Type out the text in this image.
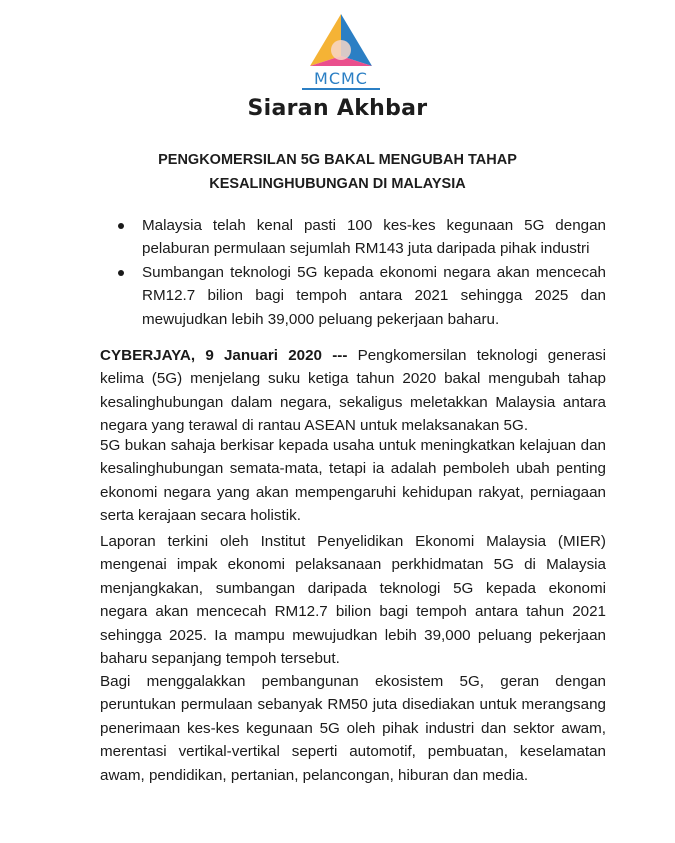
MCMC
Siaran Akhbar
PENGKOMERSILAN 5G BAKAL MENGUBAH TAHAP
KESALINGHUBUNGAN DI MALAYSIA
Malaysia telah kenal pasti 100 kes-kes kegunaan 5G dengan pelaburan permulaan sejumlah RM143 juta daripada pihak industri
Sumbangan teknologi 5G kepada ekonomi negara akan mencecah RM12.7 bilion bagi tempoh antara 2021 sehingga 2025 dan mewujudkan lebih 39,000 peluang pekerjaan baharu.

CYBERJAYA, 9 Januari 2020 --- Pengkomersilan teknologi generasi kelima (5G) menjelang suku ketiga tahun 2020 bakal mengubah tahap kesalinghubungan dalam negara, sekaligus meletakkan Malaysia antara negara yang terawal di rantau ASEAN untuk melaksanakan 5G.

5G bukan sahaja berkisar kepada usaha untuk meningkatkan kelajuan dan kesalinghubungan semata-mata, tetapi ia adalah pemboleh ubah penting ekonomi negara yang akan mempengaruhi kehidupan rakyat, perniagaan serta kerajaan secara holistik.

Laporan terkini oleh Institut Penyelidikan Ekonomi Malaysia (MIER) mengenai impak ekonomi pelaksanaan perkhidmatan 5G di Malaysia menjangkakan, sumbangan daripada teknologi 5G kepada ekonomi negara akan mencecah RM12.7 bilion bagi tempoh antara tahun 2021 sehingga 2025. Ia mampu mewujudkan lebih 39,000 peluang pekerjaan baharu sepanjang tempoh tersebut.

Bagi menggalakkan pembangunan ekosistem 5G, geran dengan peruntukan permulaan sebanyak RM50 juta disediakan untuk merangsang penerimaan kes-kes kegunaan 5G oleh pihak industri dan sektor awam, merentasi vertikal-vertikal seperti automotif, pembuatan, keselamatan awam, pendidikan, pertanian, pelancongan, hiburan dan media.
